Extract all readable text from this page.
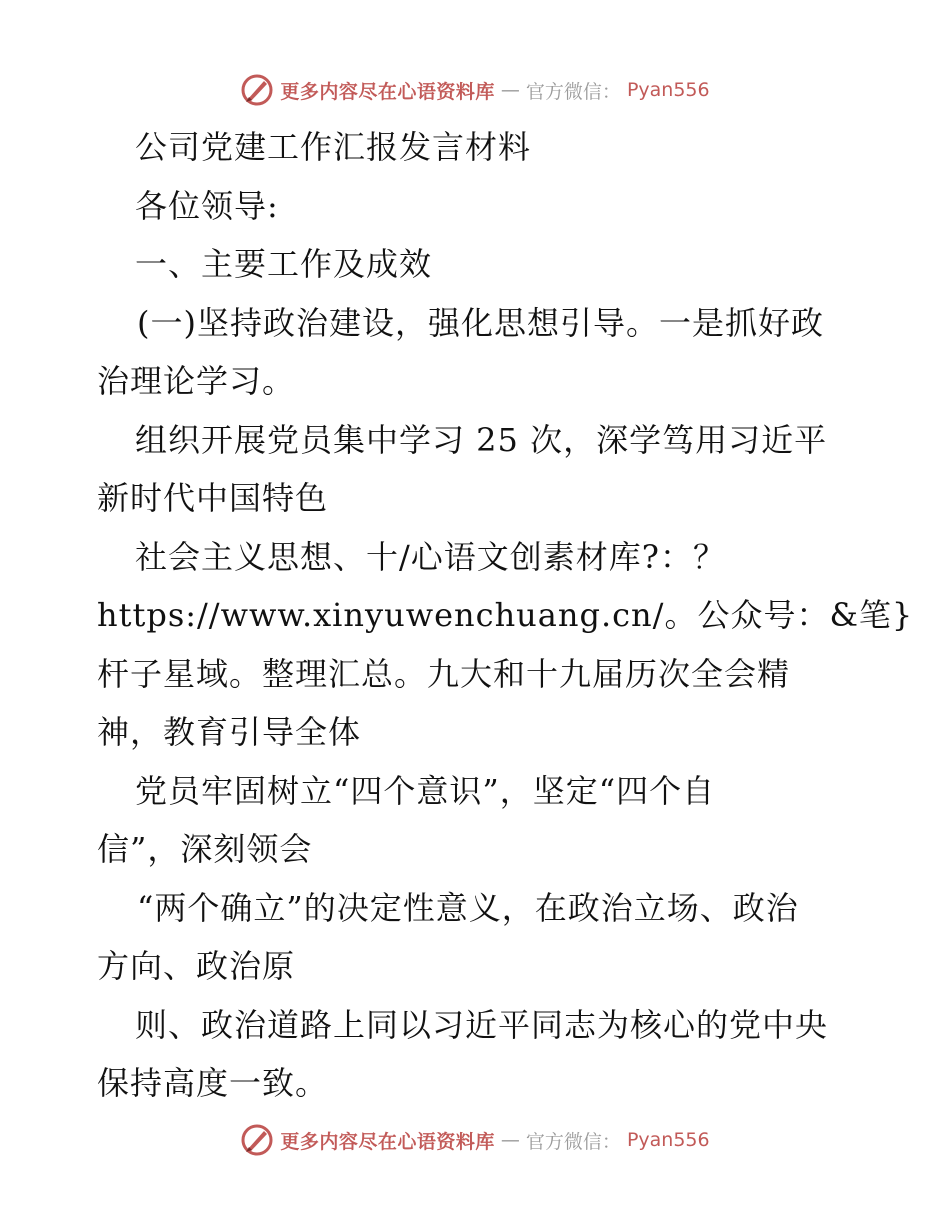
更多内容尽在心语资料库 — 官方微信： Pyan556
公司党建工作汇报发言材料
各位领导:
一、主要工作及成效
(一)坚持政治建设，强化思想引导。一是抓好政
治理论学习。
组织开展党员集中学习 25 次，深学笃用习近平
新时代中国特色
社会主义思想、十/心语文创素材库?：？
https://www.xinyuwenchuang.cn/。公众号：&笔}
杆子星域。整理汇总。九大和十九届历次全会精
神，教育引导全体
党员牢固树立“四个意识”，坚定“四个自
信”，深刻领会
“两个确立”的决定性意义，在政治立场、政治
方向、政治原
则、政治道路上同以习近平同志为核心的党中央
保持高度一致。
更多内容尽在心语资料库 — 官方微信： Pyan556
